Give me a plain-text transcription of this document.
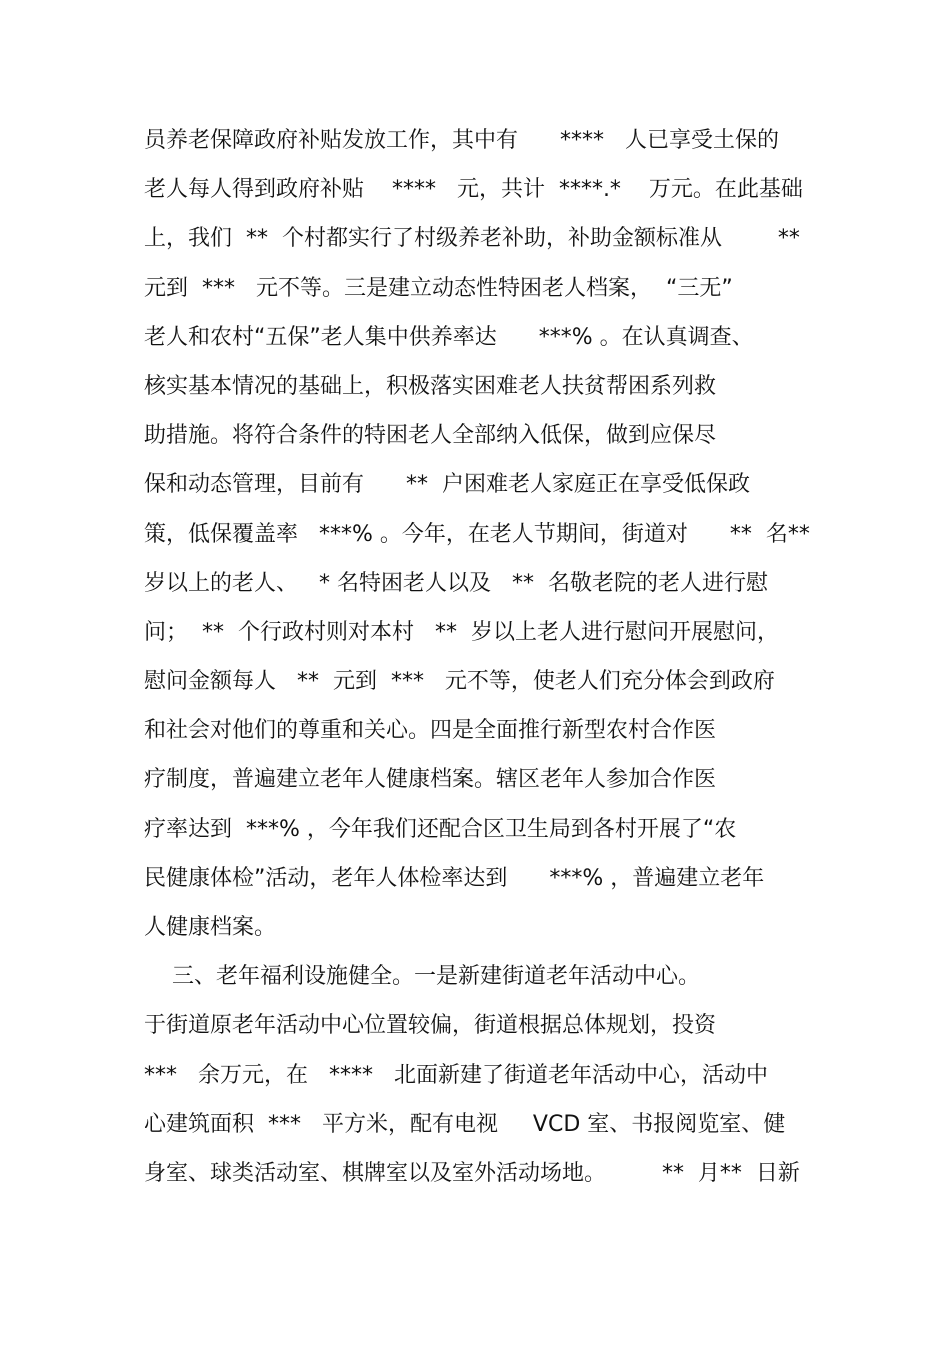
员养老保障政府补贴发放工作，其中有      ****   人已享受土保的
老人每人得到政府补贴    ****   元，共计  ****.*    万元。在此基础
上，我们  **  个村都实行了村级养老补助，补助金额标准从        **
元到  ***   元不等。三是建立动态性特困老人档案，  “三无”
老人和农村“五保”老人集中供养率达      ***% 。在认真调查、
核实基本情况的基础上，积极落实困难老人扶贫帮困系列救
助措施。将符合条件的特困老人全部纳入低保，做到应保尽
保和动态管理，目前有      **  户困难老人家庭正在享受低保政
策，低保覆盖率   ***% 。今年，在老人节期间，街道对      **  名**
岁以上的老人、   * 名特困老人以及   **  名敬老院的老人进行慰
问；  **  个行政村则对本村   **  岁以上老人进行慰问开展慰问，
慰问金额每人   **  元到  ***   元不等，使老人们充分体会到政府
和社会对他们的尊重和关心。四是全面推行新型农村合作医
疗制度，普遍建立老年人健康档案。辖区老年人参加合作医
疗率达到  ***% ，今年我们还配合区卫生局到各村开展了“农
民健康体检”活动，老年人体检率达到      ***% ，普遍建立老年
人健康档案。
三、老年福利设施健全。一是新建街道老年活动中心。
于街道原老年活动中心位置较偏，街道根据总体规划，投资
***   余万元，在   ****   北面新建了街道老年活动中心，活动中
心建筑面积  ***   平方米，配有电视     VCD 室、书报阅览室、健
身室、球类活动室、棋牌室以及室外活动场地。        **  月**  日新
